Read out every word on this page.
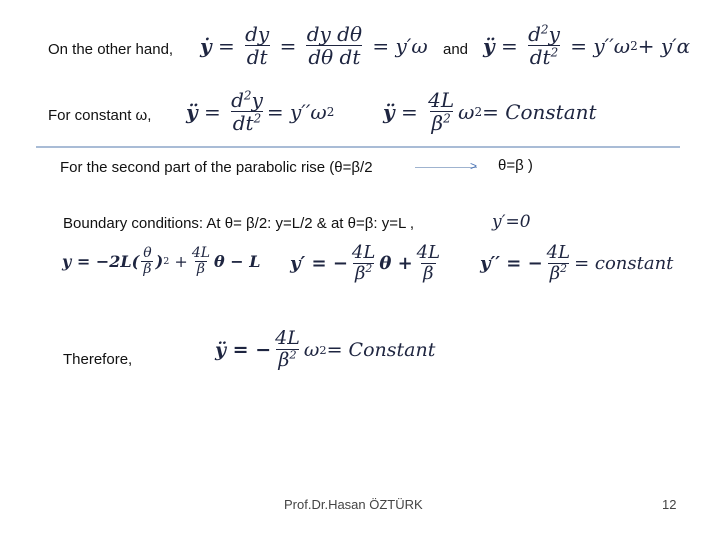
On the other hand, ẏ = $\frac{dy}{dt} = \frac{\text{dy dθ}}{\text{dθ dt}} = y'\omega$ and ÿ = $\frac{d^2y}{dt^2} = y''\omega$ 2 + y′α
For constant ω, ÿ = $\frac{d^2y}{dt^2} = y''\omega$ 2 ÿ = $\frac{4L}{\beta^2}$ ω 2 = Constant
For the second part of the parabolic rise (θ=β/2	> θ=β )
Boundary conditions: At θ= β/2: y=L/2 & at θ=β: y=L ,	y′=0
$y = -2L( \frac{\theta}{\beta}$ ) 2
+ $\frac{4L}{\beta}$ θ − L y′ = − $\frac{4L}{\beta^2}$ $\theta + \frac{4L}{\beta} y''$ = − $\frac{4L}{\beta^2}$ = constant
Therefore,	ÿ = − $\frac{4L}{\beta^2}$ ω 2 = Constant
Prof.Dr.Hasan ÖZTÜRK	12
